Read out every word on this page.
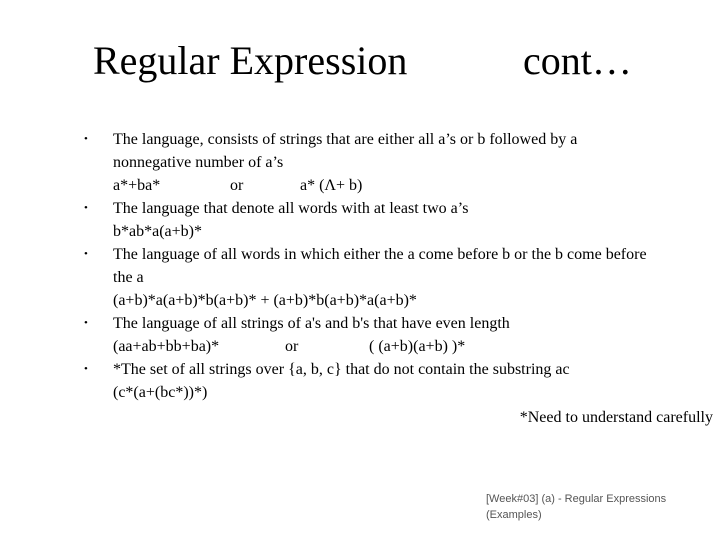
Regular Expression	cont…
• The language, consists of strings that are either all a’s or b followed by a
nonnegative number of a’s
a*+ba*	or	a* (Λ+ b)
• The language that denote all words with at least two a’s
b*ab*a(a+b)*
• The language of all words in which either the a come before b or the b come before
the a
(a+b)*a(a+b)*b(a+b)* + (a+b)*b(a+b)*a(a+b)*
• The language of all strings of a's and b's that have even length
(aa+ab+bb+ba)*	or	( (a+b)(a+b) )*
• *The set of all strings over {a, b, c} that do not contain the substring ac
(c*(a+(bc*))*)
*Need to understand carefully
[Week#03] (a) - Regular Expressions
(Examples)
